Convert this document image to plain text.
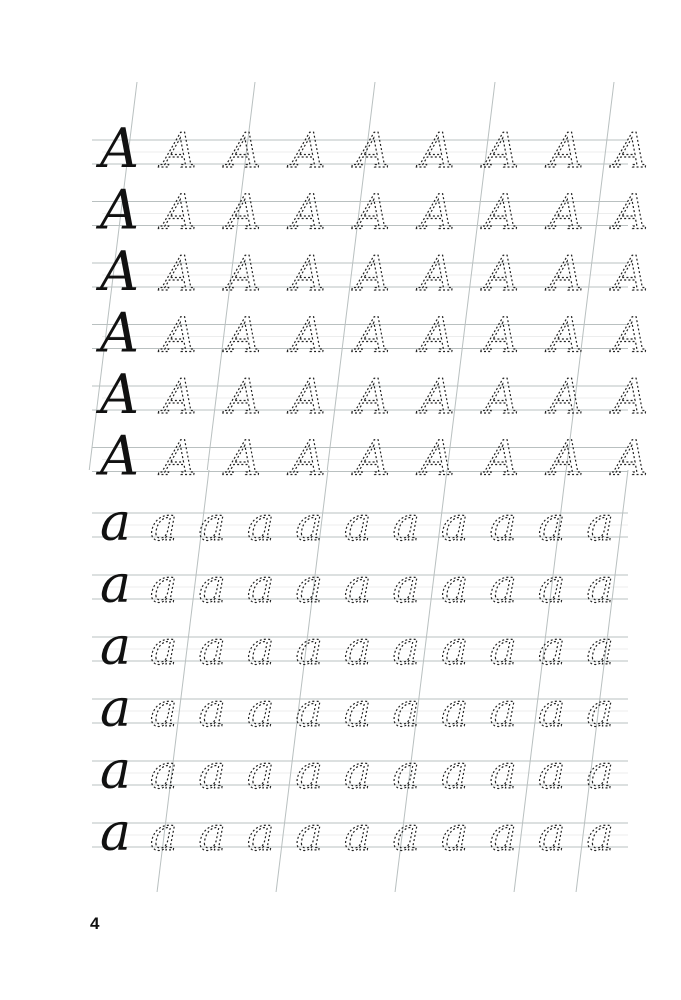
A A A A A A A A A
A A A A A A A A A
A A A A A A A A A
A A A A A A A A A
A A A A A A A A A
A A A A A A A A A
a a a a a a a a a a a
a a a a a a a a a a a
a a a a a a a a a a a
a a a a a a a a a a a
a a a a a a a a a a a
a a a a a a a a a a a
4
